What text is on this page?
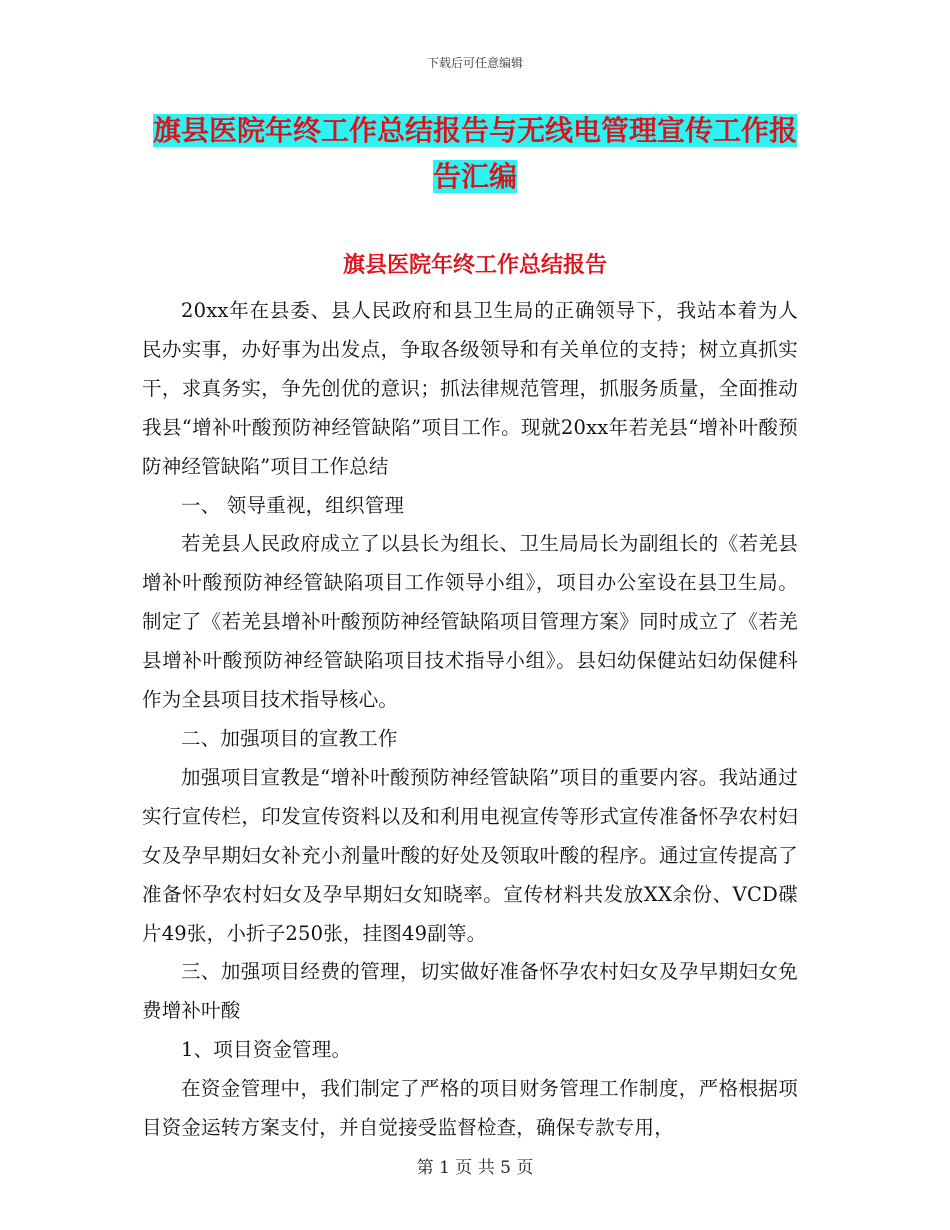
下载后可任意编辑
旗县医院年终工作总结报告与无线电管理宣传工作报
告汇编
旗县医院年终工作总结报告

20xx年在县委、县人民政府和县卫生局的正确领导下，我站本着为人民办实事，办好事为出发点，争取各级领导和有关单位的支持；树立真抓实干，求真务实，争先创优的意识；抓法律规范管理，抓服务质量，全面推动我县“增补叶酸预防神经管缺陷”项目工作。现就20xx年若羌县“增补叶酸预防神经管缺陷”项目工作总结

一、 领导重视，组织管理

若羌县人民政府成立了以县长为组长、卫生局局长为副组长的《若羌县增补叶酸预防神经管缺陷项目工作领导小组》，项目办公室设在县卫生局。制定了《若羌县增补叶酸预防神经管缺陷项目管理方案》同时成立了《若羌县增补叶酸预防神经管缺陷项目技术指导小组》。县妇幼保健站妇幼保健科作为全县项目技术指导核心。

二、加强项目的宣教工作

加强项目宣教是“增补叶酸预防神经管缺陷”项目的重要内容。我站通过实行宣传栏，印发宣传资料以及和利用电视宣传等形式宣传准备怀孕农村妇女及孕早期妇女补充小剂量叶酸的好处及领取叶酸的程序。通过宣传提高了准备怀孕农村妇女及孕早期妇女知晓率。宣传材料共发放XX余份、VCD碟片49张，小折子250张，挂图49副等。

三、加强项目经费的管理，切实做好准备怀孕农村妇女及孕早期妇女免费增补叶酸

1、项目资金管理。

在资金管理中，我们制定了严格的项目财务管理工作制度，严格根据项目资金运转方案支付，并自觉接受监督检查，确保专款专用，

第 1 页 共 5 页
